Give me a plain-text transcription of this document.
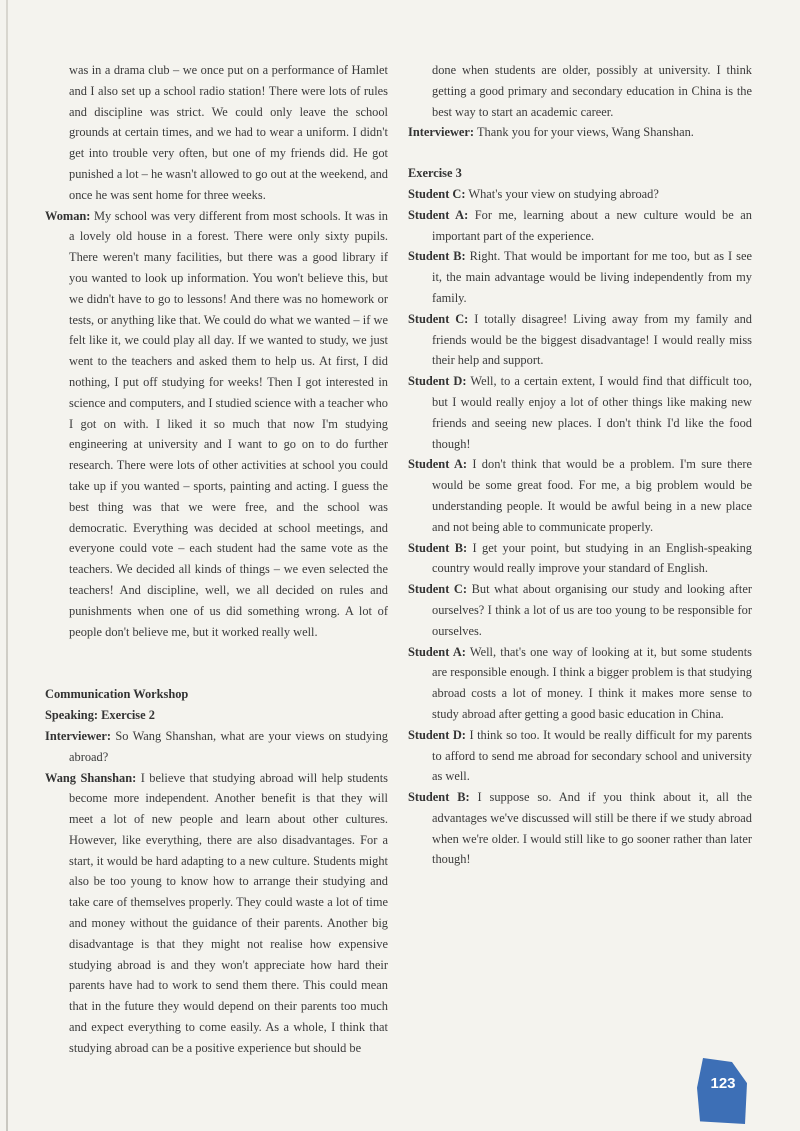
was in a drama club – we once put on a performance of Hamlet and I also set up a school radio station! There were lots of rules and discipline was strict. We could only leave the school grounds at certain times, and we had to wear a uniform. I didn't get into trouble very often, but one of my friends did. He got punished a lot – he wasn't allowed to go out at the weekend, and once he was sent home for three weeks.

Woman: My school was very different from most schools. It was in a lovely old house in a forest. There were only sixty pupils. There weren't many facilities, but there was a good library if you wanted to look up information. You won't believe this, but we didn't have to go to lessons! And there was no homework or tests, or anything like that. We could do what we wanted – if we felt like it, we could play all day. If we wanted to study, we just went to the teachers and asked them to help us. At first, I did nothing, I put off studying for weeks! Then I got interested in science and computers, and I studied science with a teacher who I got on with. I liked it so much that now I'm studying engineering at university and I want to go on to do further research. There were lots of other activities at school you could take up if you wanted – sports, painting and acting. I guess the best thing was that we were free, and the school was democratic. Everything was decided at school meetings, and everyone could vote – each student had the same vote as the teachers. We decided all kinds of things – we even selected the teachers! And discipline, well, we all decided on rules and punishments when one of us did something wrong. A lot of people don't believe me, but it worked really well.

Communication Workshop

Speaking: Exercise 2

Interviewer: So Wang Shanshan, what are your views on studying abroad?

Wang Shanshan: I believe that studying abroad will help students become more independent. Another benefit is that they will meet a lot of new people and learn about other cultures. However, like everything, there are also disadvantages. For a start, it would be hard adapting to a new culture. Students might also be too young to know how to arrange their studying and take care of themselves properly. They could waste a lot of time and money without the guidance of their parents. Another big disadvantage is that they might not realise how expensive studying abroad is and they won't appreciate how hard their parents have had to work to send them there. This could mean that in the future they would depend on their parents too much and expect everything to come easily. As a whole, I think that studying abroad can be a positive experience but should be

done when students are older, possibly at university. I think getting a good primary and secondary education in China is the best way to start an academic career.

Interviewer: Thank you for your views, Wang Shanshan.

Exercise 3

Student C: What's your view on studying abroad?

Student A: For me, learning about a new culture would be an important part of the experience.

Student B: Right. That would be important for me too, but as I see it, the main advantage would be living independently from my family.

Student C: I totally disagree! Living away from my family and friends would be the biggest disadvantage! I would really miss their help and support.

Student D: Well, to a certain extent, I would find that difficult too, but I would really enjoy a lot of other things like making new friends and seeing new places. I don't think I'd like the food though!

Student A: I don't think that would be a problem. I'm sure there would be some great food. For me, a big problem would be understanding people. It would be awful being in a new place and not being able to communicate properly.

Student B: I get your point, but studying in an English-speaking country would really improve your standard of English.

Student C: But what about organising our study and looking after ourselves? I think a lot of us are too young to be responsible for ourselves.

Student A: Well, that's one way of looking at it, but some students are responsible enough. I think a bigger problem is that studying abroad costs a lot of money. I think it makes more sense to study abroad after getting a good basic education in China.

Student D: I think so too. It would be really difficult for my parents to afford to send me abroad for secondary school and university as well.

Student B: I suppose so. And if you think about it, all the advantages we've discussed will still be there if we study abroad when we're older. I would still like to go sooner rather than later though!

123
